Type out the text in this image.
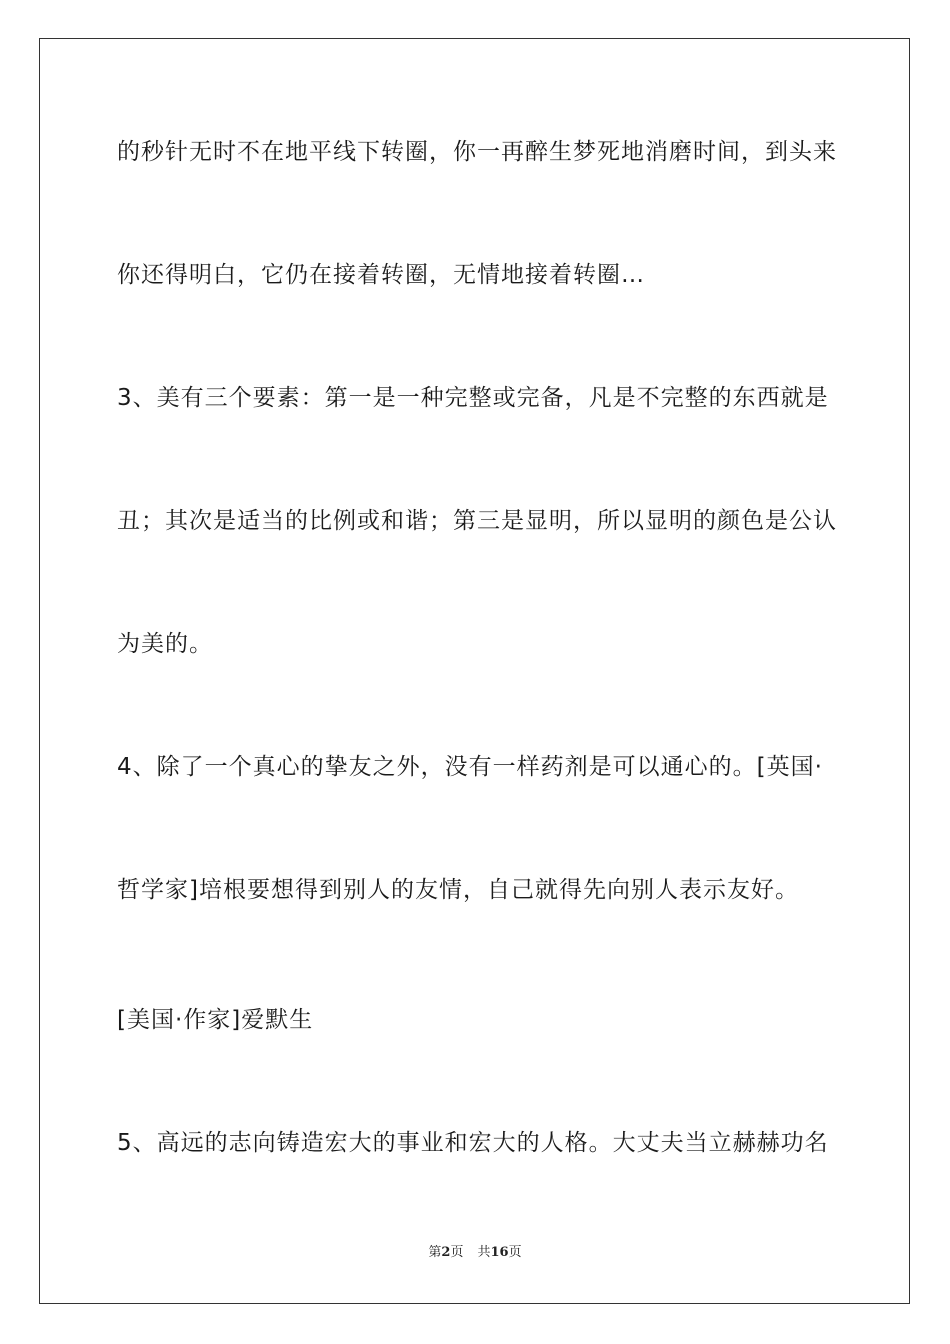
的秒针无时不在地平线下转圈，你一再醉生梦死地消磨时间，到头来
你还得明白，它仍在接着转圈，无情地接着转圈…
3、美有三个要素：第一是一种完整或完备，凡是不完整的东西就是
丑；其次是适当的比例或和谐；第三是显明，所以显明的颜色是公认
为美的。
4、除了一个真心的挚友之外，没有一样药剂是可以通心的。[英国·
哲学家]培根要想得到别人的友情，自己就得先向别人表示友好。
[美国·作家]爱默生
5、高远的志向铸造宏大的事业和宏大的人格。大丈夫当立赫赫功名
第2页 共16页
